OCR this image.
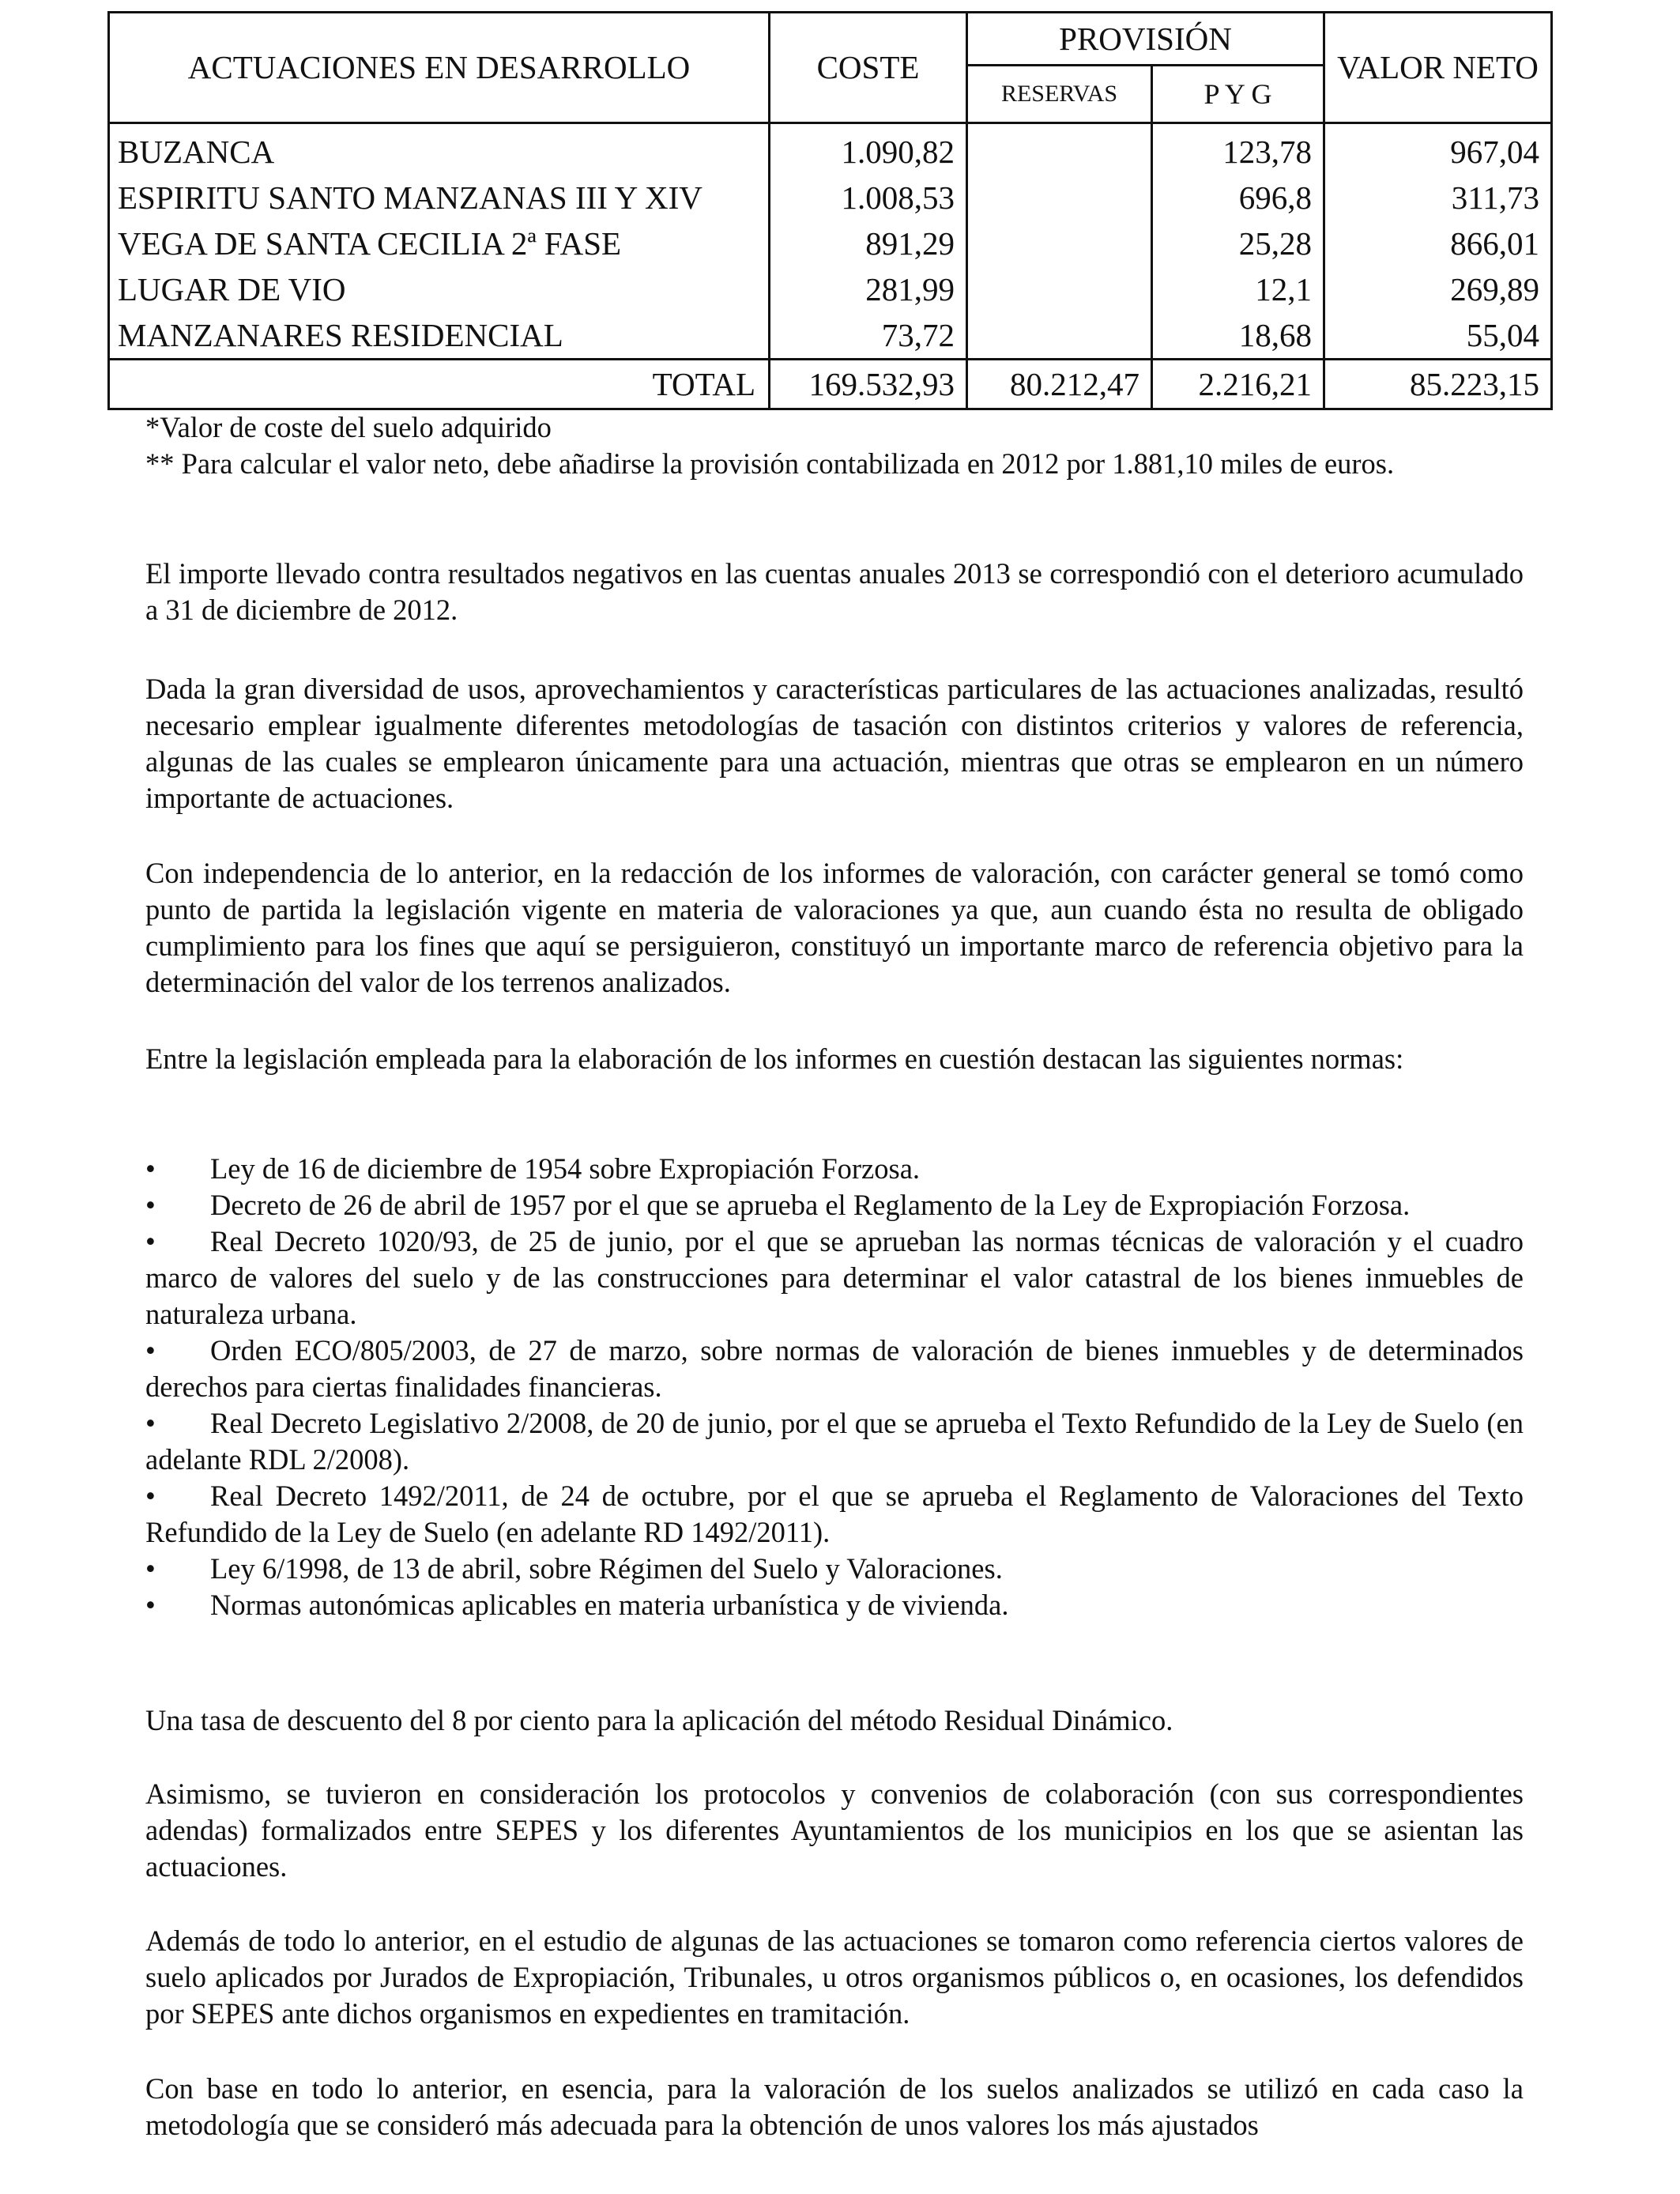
ACTUACIONES EN DESARROLLO	COSTE	PROVISIÓN		VALOR NETO
		RESERVAS	P Y G	
BUZANCA	1.090,82		123,78	967,04
ESPIRITU SANTO MANZANAS III Y XIV	1.008,53		696,8	311,73
VEGA DE SANTA CECILIA 2ª FASE	891,29		25,28	866,01
LUGAR DE VIO	281,99		12,1	269,89
MANZANARES RESIDENCIAL	73,72		18,68	55,04
TOTAL	169.532,93	80.212,47	2.216,21	85.223,15
*Valor de coste del suelo adquirido
** Para calcular el valor neto, debe añadirse la provisión contabilizada en 2012 por 1.881,10 miles de euros.
El importe llevado contra resultados negativos en las cuentas anuales 2013 se correspondió con el deterioro acumulado a 31 de diciembre de 2012.
Dada la gran diversidad de usos, aprovechamientos y características particulares de las actuaciones analizadas, resultó necesario emplear igualmente diferentes metodologías de tasación con distintos criterios y valores de referencia, algunas de las cuales se emplearon únicamente para una actuación, mientras que otras se emplearon en un número importante de actuaciones.
Con independencia de lo anterior, en la redacción de los informes de valoración, con carácter general se tomó como punto de partida la legislación vigente en materia de valoraciones ya que, aun cuando ésta no resulta de obligado cumplimiento para los fines que aquí se persiguieron, constituyó un importante marco de referencia objetivo para la determinación del valor de los terrenos analizados.
Entre la legislación empleada para la elaboración de los informes en cuestión destacan las siguientes normas:
•	Ley de 16 de diciembre de 1954 sobre Expropiación Forzosa.
•	Decreto de 26 de abril de 1957 por el que se aprueba el Reglamento de la Ley de Expropiación Forzosa.
•	Real Decreto 1020/93, de 25 de junio, por el que se aprueban las normas técnicas de valoración y el cuadro marco de valores del suelo y de las construcciones para determinar el valor catastral de los bienes inmuebles de naturaleza urbana.
•	Orden ECO/805/2003, de 27 de marzo, sobre normas de valoración de bienes inmuebles y de determinados derechos para ciertas finalidades financieras.
•	Real Decreto Legislativo 2/2008, de 20 de junio, por el que se aprueba el Texto Refundido de la Ley de Suelo (en adelante RDL 2/2008).
•	Real Decreto 1492/2011, de 24 de octubre, por el que se aprueba el Reglamento de Valoraciones del Texto Refundido de la Ley de Suelo (en adelante RD 1492/2011).
•	Ley 6/1998, de 13 de abril, sobre Régimen del Suelo y Valoraciones.
•	Normas autonómicas aplicables en materia urbanística y de vivienda.
Una tasa de descuento del 8 por ciento para la aplicación del método Residual Dinámico.
Asimismo, se tuvieron en consideración los protocolos y convenios de colaboración (con sus correspondientes adendas) formalizados entre SEPES y los diferentes Ayuntamientos de los municipios en los que se asientan las actuaciones.
Además de todo lo anterior, en el estudio de algunas de las actuaciones se tomaron como referencia ciertos valores de suelo aplicados por Jurados de Expropiación, Tribunales, u otros organismos públicos o, en ocasiones, los defendidos por SEPES ante dichos organismos en expedientes en tramitación.
Con base en todo lo anterior, en esencia, para la valoración de los suelos analizados se utilizó en cada caso la metodología que se consideró más adecuada para la obtención de unos valores los más ajustados
